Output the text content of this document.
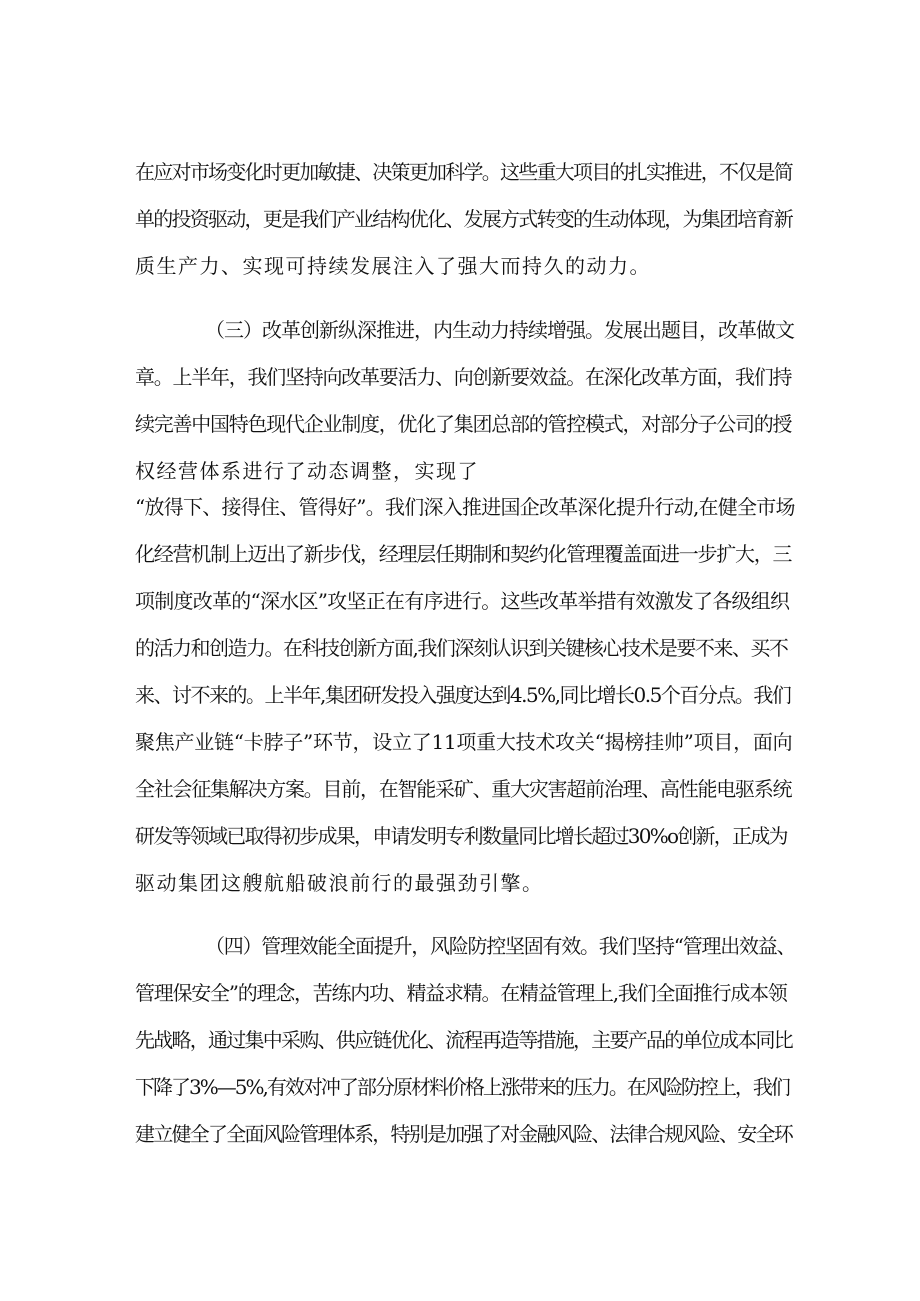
在应对市场变化时更加敏捷、决策更加科学。这些重大项目的扎实推进，不仅是简
单的投资驱动，更是我们产业结构优化、发展方式转变的生动体现，为集团培育新
质生产力、实现可持续发展注入了强大而持久的动力。
（三）改革创新纵深推进，内生动力持续增强。发展出题目，改革做文
章。上半年，我们坚持向改革要活力、向创新要效益。在深化改革方面，我们持
续完善中国特色现代企业制度，优化了集团总部的管控模式，对部分子公司的授
权经营体系进行了动态调整，实现了
“放得下、接得住、管得好”。我们深入推进国企改革深化提升行动,在健全市场
化经营机制上迈出了新步伐，经理层任期制和契约化管理覆盖面进一步扩大，三
项制度改革的“深水区”攻坚正在有序进行。这些改革举措有效激发了各级组织
的活力和创造力。在科技创新方面,我们深刻认识到关键核心技术是要不来、买不
来、讨不来的。上半年,集团研发投入强度达到4.5%,同比增长0.5个百分点。我们
聚焦产业链“卡脖子”环节，设立了11项重大技术攻关“揭榜挂帅”项目，面向
全社会征集解决方案。目前，在智能采矿、重大灾害超前治理、高性能电驱系统
研发等领域已取得初步成果，申请发明专利数量同比增长超过30%o创新，正成为
驱动集团这艘航船破浪前行的最强劲引擎。
（四）管理效能全面提升，风险防控坚固有效。我们坚持“管理出效益、
管理保安全”的理念，苦练内功、精益求精。在精益管理上,我们全面推行成本领
先战略，通过集中采购、供应链优化、流程再造等措施，主要产品的单位成本同比
下降了3%—5%,有效对冲了部分原材料价格上涨带来的压力。在风险防控上，我们
建立健全了全面风险管理体系，特别是加强了对金融风险、法律合规风险、安全环
